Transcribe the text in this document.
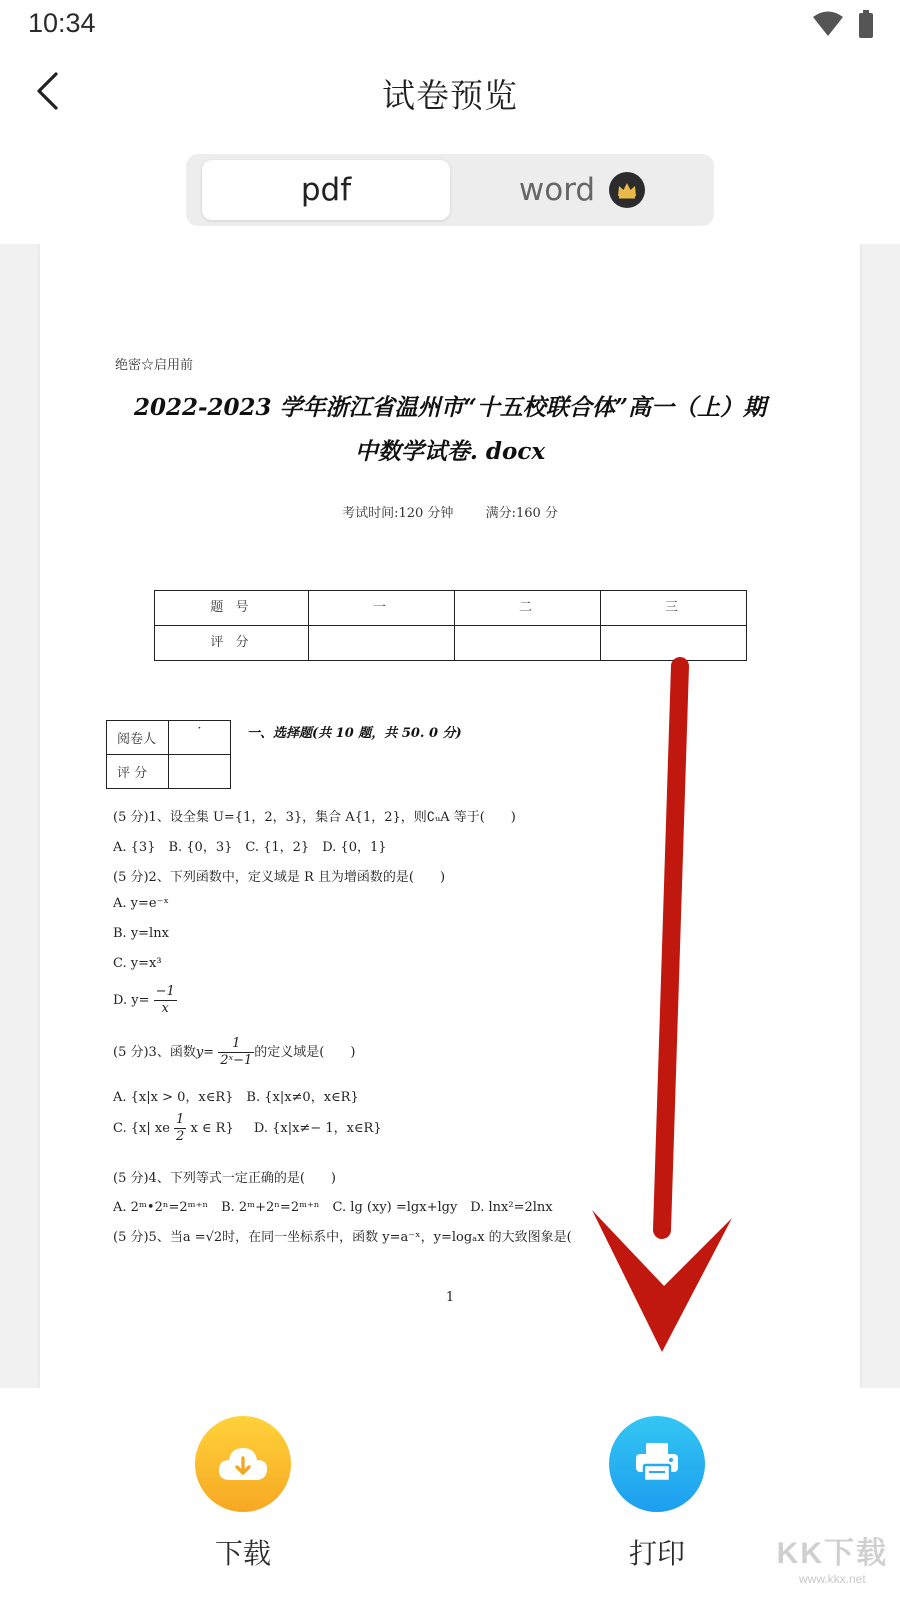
10:34
试卷预览
pdf	word
绝密☆启用前
2022-2023 学年浙江省温州市“十五校联合体”高一（上）期
中数学试卷. docx
考试时间:120 分钟 满分:160 分
题 号	一	二	三
评 分			
阅卷人	·
评 分	
一、选择题(共 10 题，共 50. 0 分)
(5 分)1、设全集 U={1，2，3}，集合 A{1，2}，则∁ᵤA 等于(　　)
A. {3}　B. {0，3}　C. {1，2}　D. {0，1}
(5 分)2、下列函数中，定义域是 R 且为增函数的是(　　)
A. y=e⁻ˣ
B. y=lnx
C. y=x³
D. $y= \frac{-1}{x}$
(5 分)3、函数$y= \frac{1}{\text{2ˣ−1}}$ 的定义域是(　　)
A. {x|x > 0，x∈R}　B. {x|x≠0，x∈R}
C. {x| xe $\frac{1}{2}$ x ∈ R} D. {x|x≠− 1，x∈R}
(5 分)4、下列等式一定正确的是(　　)
A. 2ᵐ•2ⁿ=2ᵐ⁺ⁿ　B. 2ᵐ+2ⁿ=2ᵐ⁺ⁿ　C. lg (xy) =lgx+lgy　D. lnx²=2lnx
(5 分)5、当a =√2时，在同一坐标系中，函数 y=a⁻ˣ，y=logₐx 的大致图象是(
1
下载	打印	KK下载
www.kkx.net
